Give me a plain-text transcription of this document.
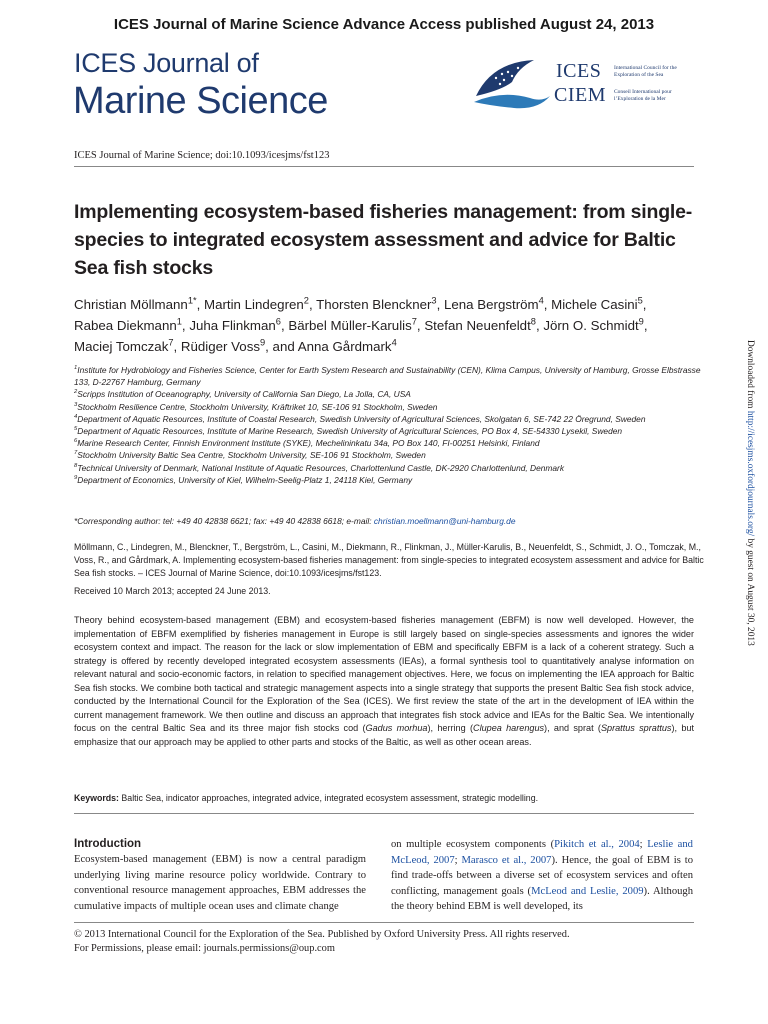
ICES Journal of Marine Science Advance Access published August 24, 2013
ICES Journal of
Marine Science
ICES
CIEM
International Council for the Exploration of the Sea
Conseil International pour l’Exploration de la Mer
ICES Journal of Marine Science; doi:10.1093/icesjms/fst123
Implementing ecosystem-based fisheries management: from single-species to integrated ecosystem assessment and advice for Baltic Sea fish stocks
Christian Möllmann$^{1*}$, Martin Lindegren$^2$, Thorsten Blenckner$^3$, Lena Bergström$^4$, Michele Casini$^5$, Rabea Diekmann$^1$, Juha Flinkman$^6$, Bärbel Müller-Karulis$^7$, Stefan Neuenfeldt$^8$, Jörn O. Schmidt$^9$, Maciej Tomczak$^7$, Rüdiger Voss$^9$, and Anna Gårdmark$^4$
$^1$Institute for Hydrobiology and Fisheries Science, Center for Earth System Research and Sustainability (CEN), Klima Campus, University of Hamburg, Grosse Elbstrasse 133, D-22767 Hamburg, Germany
$^2$Scripps Institution of Oceanography, University of California San Diego, La Jolla, CA, USA
$^3$Stockholm Resilience Centre, Stockholm University, Kräftriket 10, SE-106 91 Stockholm, Sweden
$^4$Department of Aquatic Resources, Institute of Coastal Research, Swedish University of Agricultural Sciences, Skolgatan 6, SE-742 22 Öregrund, Sweden
$^5$Department of Aquatic Resources, Institute of Marine Research, Swedish University of Agricultural Sciences, PO Box 4, SE-54330 Lysekil, Sweden
$^6$Marine Research Center, Finnish Environment Institute (SYKE), Mechelininkatu 34a, PO Box 140, FI-00251 Helsinki, Finland
$^7$Stockholm University Baltic Sea Centre, Stockholm University, SE-106 91 Stockholm, Sweden
$^8$Technical University of Denmark, National Institute of Aquatic Resources, Charlottenlund Castle, DK-2920 Charlottenlund, Denmark
$^9$Department of Economics, University of Kiel, Wilhelm-Seelig-Platz 1, 24118 Kiel, Germany
*Corresponding author: tel: +49 40 42838 6621; fax: +49 40 42838 6618; e-mail: christian.moellmann@uni-hamburg.de
Möllmann, C., Lindegren, M., Blenckner, T., Bergström, L., Casini, M., Diekmann, R., Flinkman, J., Müller-Karulis, B., Neuenfeldt, S., Schmidt, J. O., Tomczak, M., Voss, R., and Gårdmark, A. Implementing ecosystem-based fisheries management: from single-species to integrated ecosystem assessment and advice for Baltic Sea fish stocks. – ICES Journal of Marine Science, doi:10.1093/icesjms/fst123.
Received 10 March 2013; accepted 24 June 2013.

Theory behind ecosystem-based management (EBM) and ecosystem-based fisheries management (EBFM) is now well developed. However, the implementation of EBFM exemplified by fisheries management in Europe is still largely based on single-species assessments and ignores the wider ecosystem context and impact. The reason for the lack or slow implementation of EBM and specifically EBFM is a lack of a coherent strategy. Such a strategy is offered by recently developed integrated ecosystem assessments (IEAs), a formal synthesis tool to quantitatively analyse information on relevant natural and socio-economic factors, in relation to specified management objectives. Here, we focus on implementing the IEA approach for Baltic Sea fish stocks. We combine both tactical and strategic management aspects into a single strategy that supports the present Baltic Sea fish stock advice, conducted by the International Council for the Exploration of the Sea (ICES). We first review the state of the art in the development of IEA within the current management framework. We then outline and discuss an approach that integrates fish stock advice and IEAs for the Baltic Sea. We intentionally focus on the central Baltic Sea and its three major fish stocks cod (Gadus morhua), herring (Clupea harengus), and sprat (Sprattus sprattus), but emphasize that our approach may be applied to other parts and stocks of the Baltic, as well as other ocean areas.

Keywords: Baltic Sea, indicator approaches, integrated advice, integrated ecosystem assessment, strategic modelling.
Introduction

Ecosystem-based management (EBM) is now a central paradigm underlying living marine resource policy worldwide. Contrary to conventional resource management approaches, EBM addresses the cumulative impacts of multiple ocean uses and climate change

on multiple ecosystem components (Pikitch et al., 2004; Leslie and McLeod, 2007; Marasco et al., 2007). Hence, the goal of EBM is to find trade-offs between a diverse set of ecosystem services and often conflicting, management goals (McLeod and Leslie, 2009). Although the theory behind EBM is well developed, its

© 2013 International Council for the Exploration of the Sea. Published by Oxford University Press. All rights reserved.
For Permissions, please email: journals.permissions@oup.com
Downloaded from http://icesjms.oxfordjournals.org/ by guest on August 30, 2013
